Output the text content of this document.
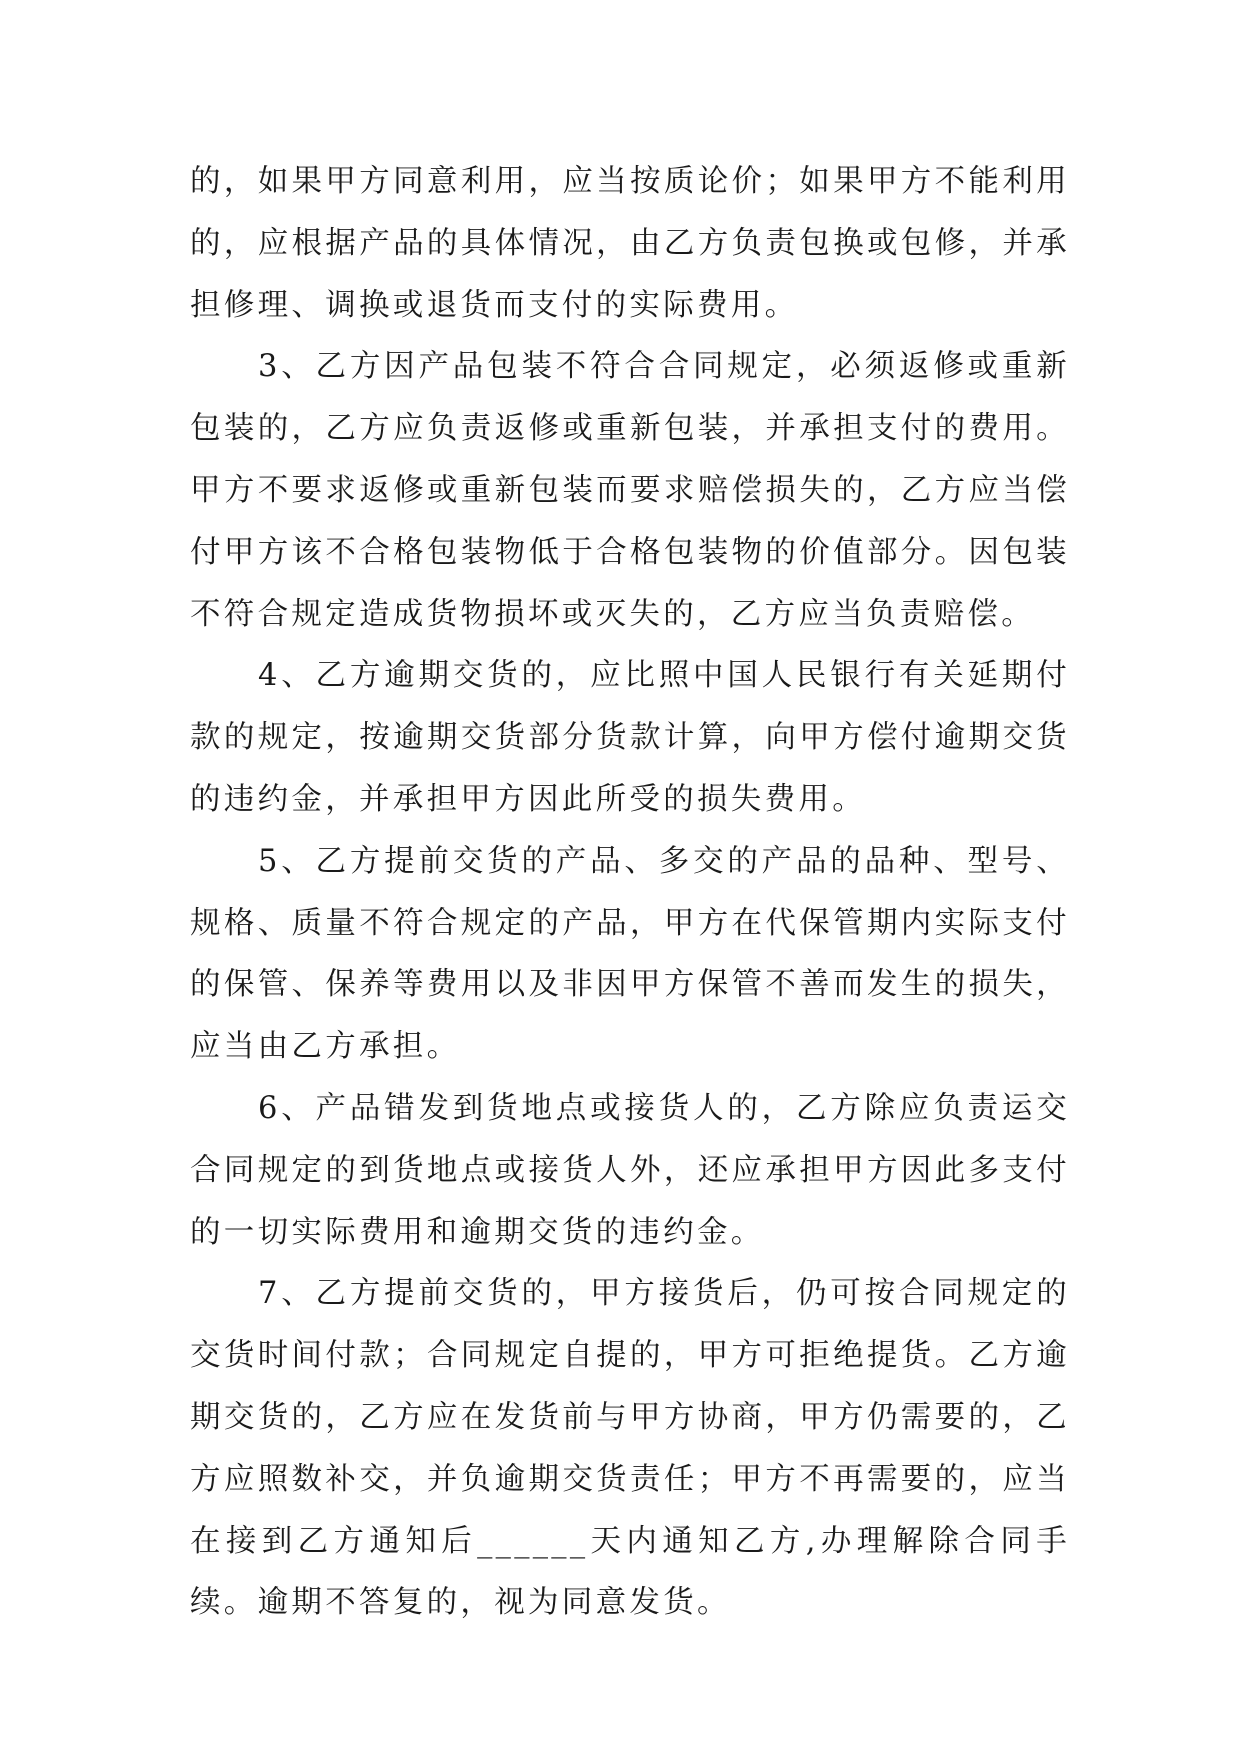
的，如果甲方同意利用，应当按质论价；如果甲方不能利用的，应根据产品的具体情况，由乙方负责包换或包修，并承担修理、调换或退货而支付的实际费用。

3、乙方因产品包装不符合合同规定，必须返修或重新包装的，乙方应负责返修或重新包装，并承担支付的费用。甲方不要求返修或重新包装而要求赔偿损失的，乙方应当偿付甲方该不合格包装物低于合格包装物的价值部分。因包装不符合规定造成货物损坏或灭失的，乙方应当负责赔偿。

4、乙方逾期交货的，应比照中国人民银行有关延期付款的规定，按逾期交货部分货款计算，向甲方偿付逾期交货的违约金，并承担甲方因此所受的损失费用。

5、乙方提前交货的产品、多交的产品的品种、型号、规格、质量不符合规定的产品，甲方在代保管期内实际支付的保管、保养等费用以及非因甲方保管不善而发生的损失，应当由乙方承担。

6、产品错发到货地点或接货人的，乙方除应负责运交合同规定的到货地点或接货人外，还应承担甲方因此多支付的一切实际费用和逾期交货的违约金。

7、乙方提前交货的，甲方接货后，仍可按合同规定的交货时间付款；合同规定自提的，甲方可拒绝提货。乙方逾期交货的，乙方应在发货前与甲方协商，甲方仍需要的，乙方应照数补交，并负逾期交货责任；甲方不再需要的，应当在接到乙方通知后______天内通知乙方,办理解除合同手续。逾期不答复的，视为同意发货。
